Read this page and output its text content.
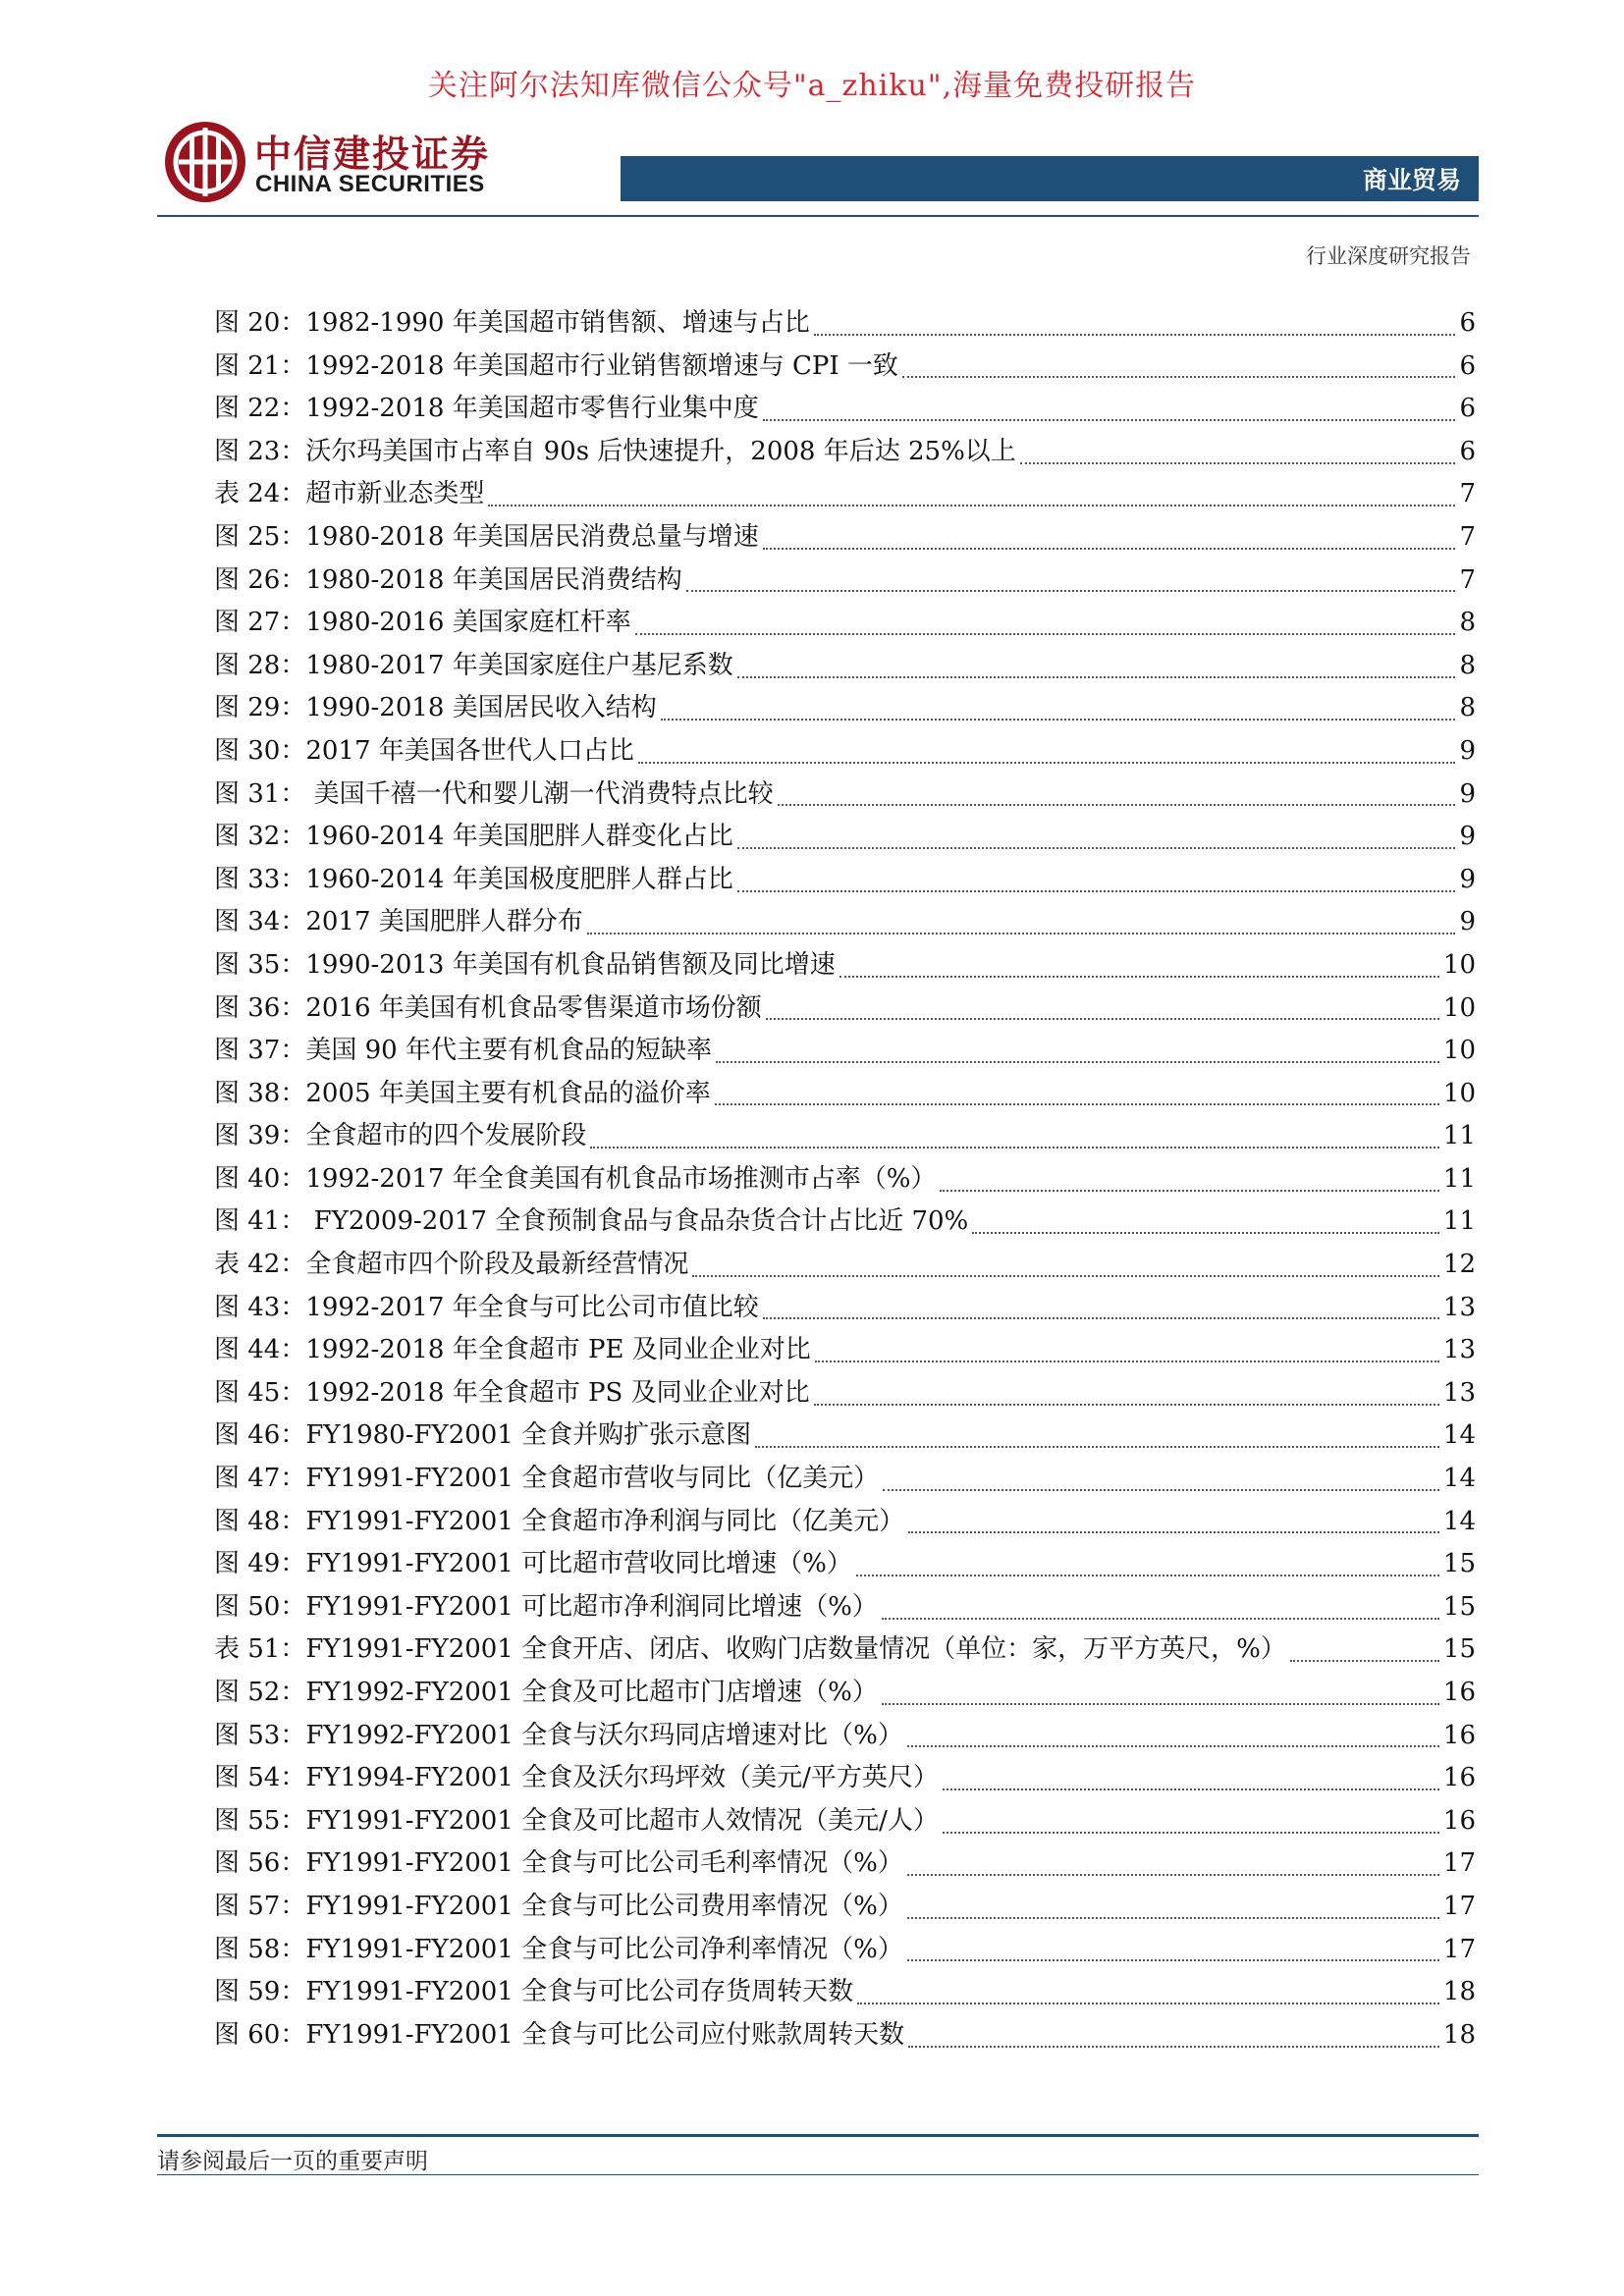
关注阿尔法知库微信公众号"a_zhiku",海量免费投研报告
中信建投证券
CHINA SECURITIES	商业贸易
行业深度研究报告
图 20：1982-1990 年美国超市销售额、增速与占比	6
图 21：1992-2018 年美国超市行业销售额增速与 CPI 一致	6
图 22：1992-2018 年美国超市零售行业集中度	6
图 23：沃尔玛美国市占率自 90s 后快速提升，2008 年后达 25%以上	6
表 24：超市新业态类型	7
图 25：1980-2018 年美国居民消费总量与增速	7
图 26：1980-2018 年美国居民消费结构	7
图 27：1980-2016 美国家庭杠杆率	8
图 28：1980-2017 年美国家庭住户基尼系数	8
图 29：1990-2018 美国居民收入结构	8
图 30：2017 年美国各世代人口占比	9
图 31： 美国千禧一代和婴儿潮一代消费特点比较	9
图 32：1960-2014 年美国肥胖人群变化占比	9
图 33：1960-2014 年美国极度肥胖人群占比	9
图 34：2017 美国肥胖人群分布	9
图 35：1990-2013 年美国有机食品销售额及同比增速	10
图 36：2016 年美国有机食品零售渠道市场份额	10
图 37：美国 90 年代主要有机食品的短缺率	10
图 38：2005 年美国主要有机食品的溢价率	10
图 39：全食超市的四个发展阶段	11
图 40：1992-2017 年全食美国有机食品市场推测市占率（%）	11
图 41： FY2009-2017 全食预制食品与食品杂货合计占比近 70%	11
表 42：全食超市四个阶段及最新经营情况	12
图 43：1992-2017 年全食与可比公司市值比较	13
图 44：1992-2018 年全食超市 PE 及同业企业对比	13
图 45：1992-2018 年全食超市 PS 及同业企业对比	13
图 46：FY1980-FY2001 全食并购扩张示意图	14
图 47：FY1991-FY2001 全食超市营收与同比（亿美元）	14
图 48：FY1991-FY2001 全食超市净利润与同比（亿美元）	14
图 49：FY1991-FY2001 可比超市营收同比增速（%）	15
图 50：FY1991-FY2001 可比超市净利润同比增速（%）	15
表 51：FY1991-FY2001 全食开店、闭店、收购门店数量情况（单位：家，万平方英尺，%）	15
图 52：FY1992-FY2001 全食及可比超市门店增速（%）	16
图 53：FY1992-FY2001 全食与沃尔玛同店增速对比（%）	16
图 54：FY1994-FY2001 全食及沃尔玛坪效（美元/平方英尺）	16
图 55：FY1991-FY2001 全食及可比超市人效情况（美元/人）	16
图 56：FY1991-FY2001 全食与可比公司毛利率情况（%）	17
图 57：FY1991-FY2001 全食与可比公司费用率情况（%）	17
图 58：FY1991-FY2001 全食与可比公司净利率情况（%）	17
图 59：FY1991-FY2001 全食与可比公司存货周转天数	18
图 60：FY1991-FY2001 全食与可比公司应付账款周转天数	18
请参阅最后一页的重要声明
